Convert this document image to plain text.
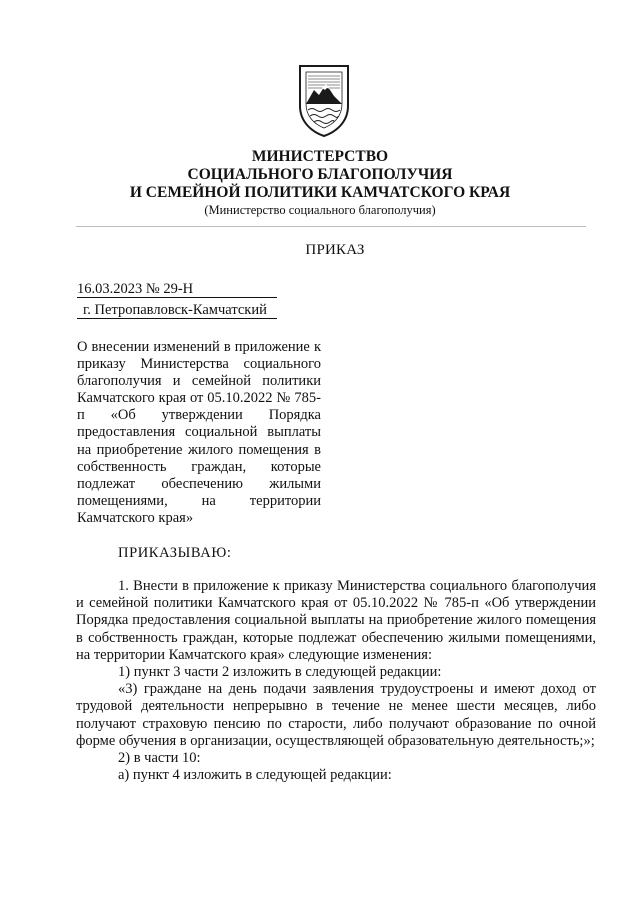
МИНИСТЕРСТВО
СОЦИАЛЬНОГО БЛАГОПОЛУЧИЯ
И СЕМЕЙНОЙ ПОЛИТИКИ КАМЧАТСКОГО КРАЯ
(Министерство социального благополучия)
ПРИКАЗ
16.03.2023 № 29-Н
г. Петропавловск-Камчатский
О внесении изменений в приложение к приказу Министерства социального благополучия и семейной политики Камчатского края от 05.10.2022 № 785-п «Об утверждении Порядка предоставления социальной выплаты на приобретение жилого помещения в собственность граждан, которые подлежат обеспечению жилыми помещениями, на территории Камчатского края»
ПРИКАЗЫВАЮ:

1. Внести в приложение к приказу Министерства социального благополучия и семейной политики Камчатского края от 05.10.2022 № 785-п «Об утверждении Порядка предоставления социальной выплаты на приобретение жилого помещения в собственность граждан, которые подлежат обеспечению жилыми помещениями, на территории Камчатского края» следующие изменения:

1) пункт 3 части 2 изложить в следующей редакции:

«3) граждане на день подачи заявления трудоустроены и имеют доход от трудовой деятельности непрерывно в течение не менее шести месяцев, либо получают страховую пенсию по старости, либо получают образование по очной форме обучения в организации, осуществляющей образовательную деятельность;»;

2) в части 10:

а) пункт 4 изложить в следующей редакции:
